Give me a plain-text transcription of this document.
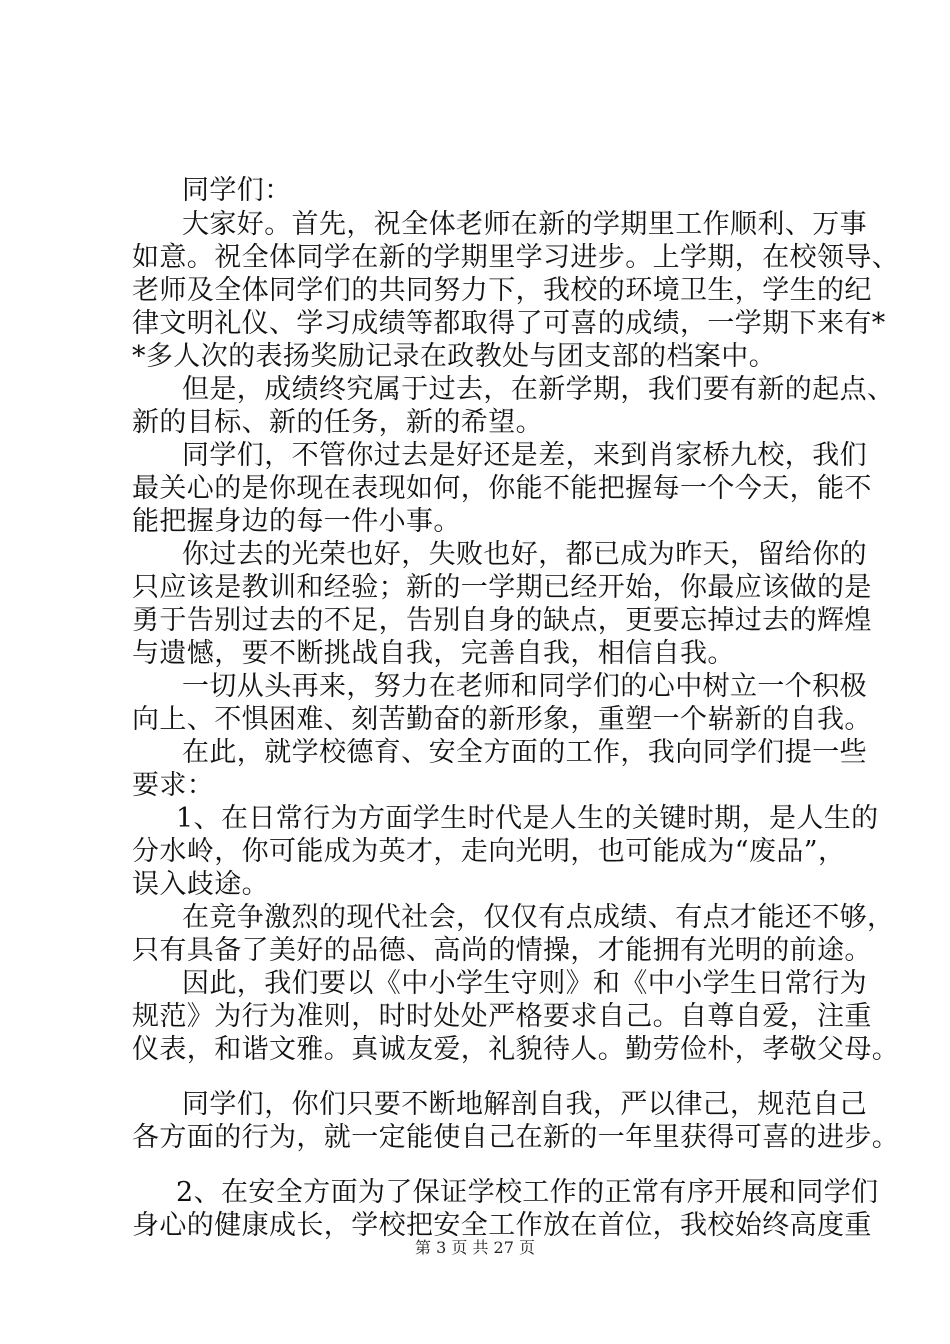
同学们：
大家好。首先，祝全体老师在新的学期里工作顺利、万事
如意。祝全体同学在新的学期里学习进步。上学期，在校领导、
老师及全体同学们的共同努力下，我校的环境卫生，学生的纪
律文明礼仪、学习成绩等都取得了可喜的成绩，一学期下来有*
*多人次的表扬奖励记录在政教处与团支部的档案中。
但是，成绩终究属于过去，在新学期，我们要有新的起点、
新的目标、新的任务，新的希望。
同学们，不管你过去是好还是差，来到肖家桥九校，我们
最关心的是你现在表现如何，你能不能把握每一个今天，能不
能把握身边的每一件小事。
你过去的光荣也好，失败也好，都已成为昨天，留给你的
只应该是教训和经验；新的一学期已经开始，你最应该做的是
勇于告别过去的不足，告别自身的缺点，更要忘掉过去的辉煌
与遗憾，要不断挑战自我，完善自我，相信自我。
一切从头再来，努力在老师和同学们的心中树立一个积极
向上、不惧困难、刻苦勤奋的新形象，重塑一个崭新的自我。
在此，就学校德育、安全方面的工作，我向同学们提一些
要求：
1、在日常行为方面学生时代是人生的关键时期，是人生的
分水岭，你可能成为英才，走向光明，也可能成为“废品”，
误入歧途。
在竞争激烈的现代社会，仅仅有点成绩、有点才能还不够，
只有具备了美好的品德、高尚的情操，才能拥有光明的前途。
因此，我们要以《中小学生守则》和《中小学生日常行为
规范》为行为准则，时时处处严格要求自己。自尊自爱，注重
仪表，和谐文雅。真诚友爱，礼貌待人。勤劳俭朴，孝敬父母。
同学们，你们只要不断地解剖自我，严以律己，规范自己
各方面的行为，就一定能使自己在新的一年里获得可喜的进步。
2、在安全方面为了保证学校工作的正常有序开展和同学们
身心的健康成长，学校把安全工作放在首位，我校始终高度重
第 3 页 共 27 页
